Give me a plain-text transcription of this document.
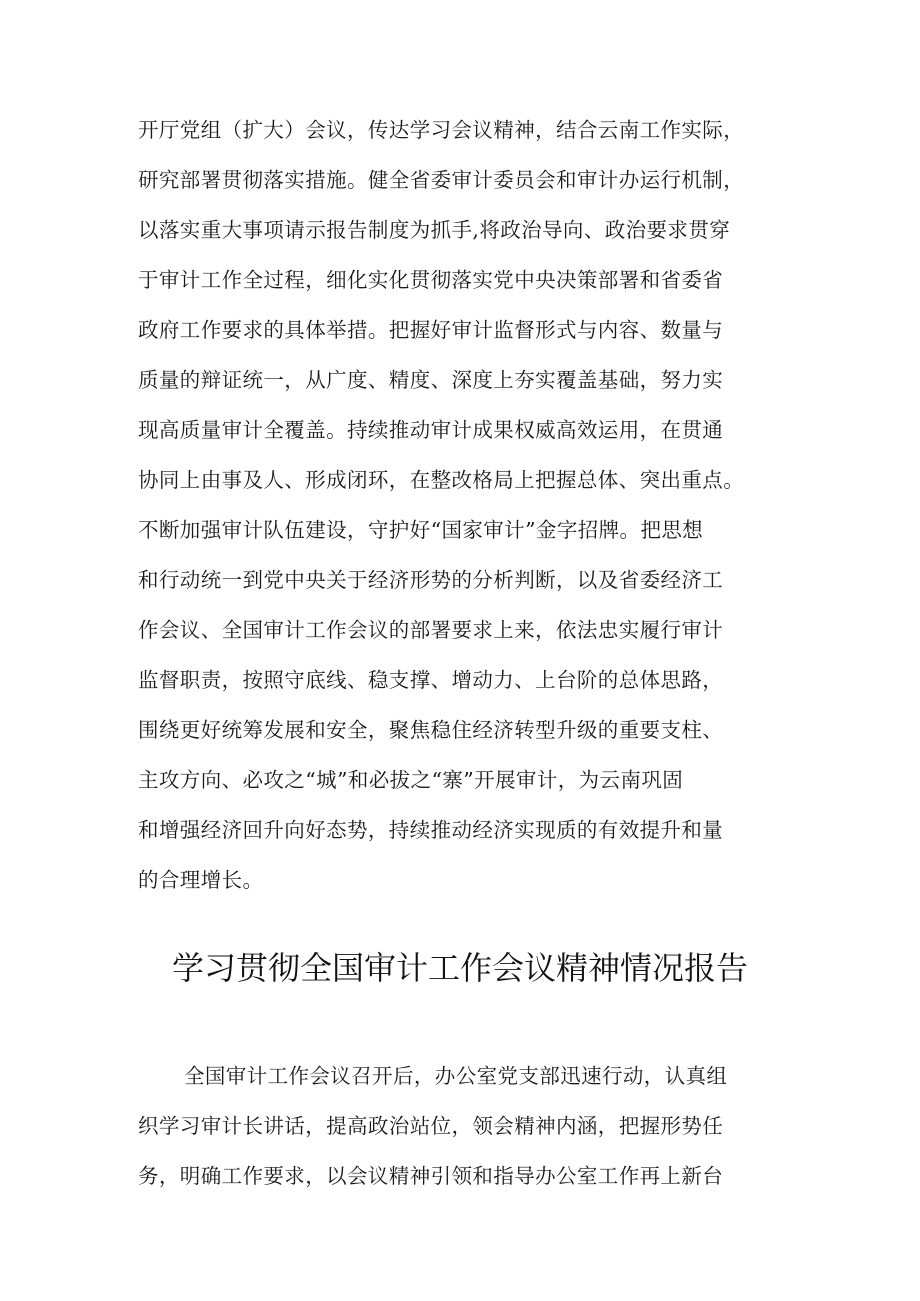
开厅党组（扩大）会议，传达学习会议精神，结合云南工作实际，

研究部署贯彻落实措施。健全省委审计委员会和审计办运行机制，

以落实重大事项请示报告制度为抓手,将政治导向、政治要求贯穿

于审计工作全过程，细化实化贯彻落实党中央决策部署和省委省

政府工作要求的具体举措。把握好审计监督形式与内容、数量与

质量的辩证统一，从广度、精度、深度上夯实覆盖基础，努力实

现高质量审计全覆盖。持续推动审计成果权威高效运用，在贯通

协同上由事及人、形成闭环，在整改格局上把握总体、突出重点。

不断加强审计队伍建设，守护好“国家审计”金字招牌。把思想

和行动统一到党中央关于经济形势的分析判断，以及省委经济工

作会议、全国审计工作会议的部署要求上来，依法忠实履行审计

监督职责，按照守底线、稳支撑、增动力、上台阶的总体思路，

围绕更好统筹发展和安全，聚焦稳住经济转型升级的重要支柱、

主攻方向、必攻之“城”和必拔之“寨”开展审计，为云南巩固

和增强经济回升向好态势，持续推动经济实现质的有效提升和量

的合理增长。

学习贯彻全国审计工作会议精神情况报告

全国审计工作会议召开后，办公室党支部迅速行动，认真组

织学习审计长讲话，提高政治站位，领会精神内涵，把握形势任

务，明确工作要求，以会议精神引领和指导办公室工作再上新台
